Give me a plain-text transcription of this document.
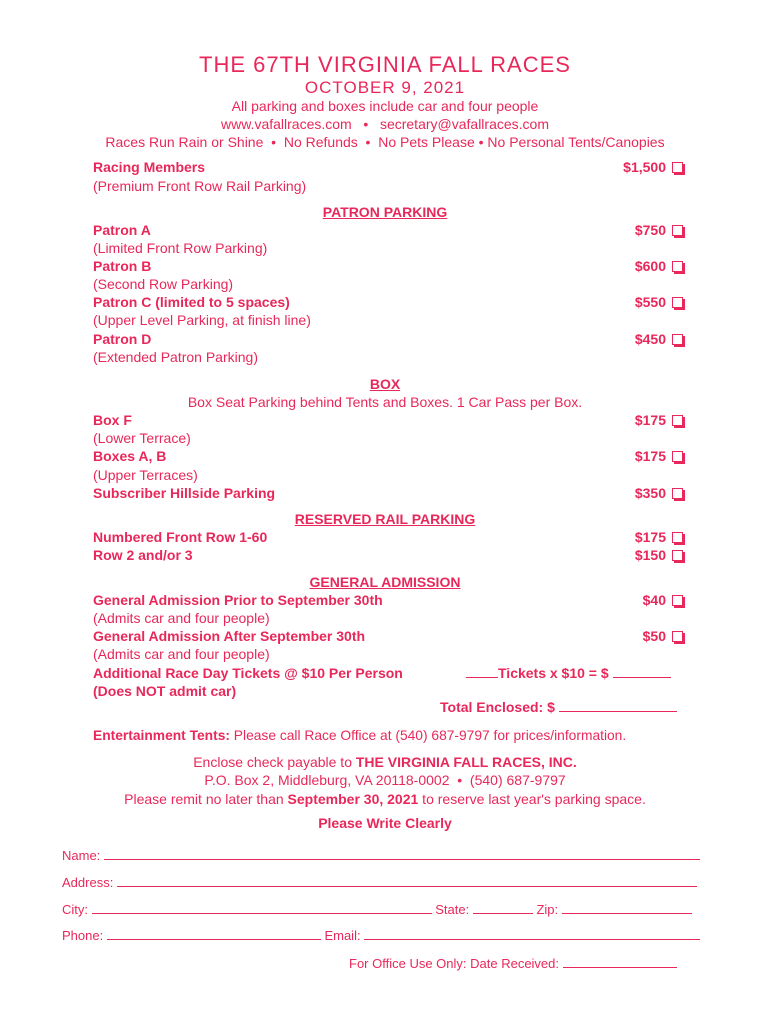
THE 67TH VIRGINIA FALL RACES
OCTOBER 9, 2021
All parking and boxes include car and four people
www.vafallraces.com   •   secretary@vafallraces.com
Races Run Rain or Shine  •  No Refunds  •  No Pets Please • No Personal Tents/Canopies
Racing Members	$1,500
(Premium Front Row Rail Parking)
PATRON PARKING
Patron A	$750
(Limited Front Row Parking)
Patron B	$600
(Second Row Parking)
Patron C (limited to 5 spaces)	$550
(Upper Level Parking, at finish line)
Patron D	$450
(Extended Patron Parking)
BOX
Box Seat Parking behind Tents and Boxes. 1 Car Pass per Box.
Box F	$175
(Lower Terrace)
Boxes A, B	$175
(Upper Terraces)
Subscriber Hillside Parking	$350
RESERVED RAIL PARKING
Numbered Front Row 1-60	$175
Row 2 and/or 3	$150
GENERAL ADMISSION
General Admission Prior to September 30th	$40
(Admits car and four people)
General Admission After September 30th	$50
(Admits car and four people)
Additional Race Day Tickets @ $10 Per Person	Tickets x $10 = $
(Does NOT admit car)
Total Enclosed: $
Entertainment Tents: Please call Race Office at (540) 687-9797 for prices/information.
Enclose check payable to THE VIRGINIA FALL RACES, INC.
P.O. Box 2, Middleburg, VA 20118-0002  •  (540) 687-9797
Please remit no later than September 30, 2021 to reserve last year's parking space.
Please Write Clearly
Name:
Address:
City:	State:	Zip:
Phone:	Email:
For Office Use Only: Date Received:
